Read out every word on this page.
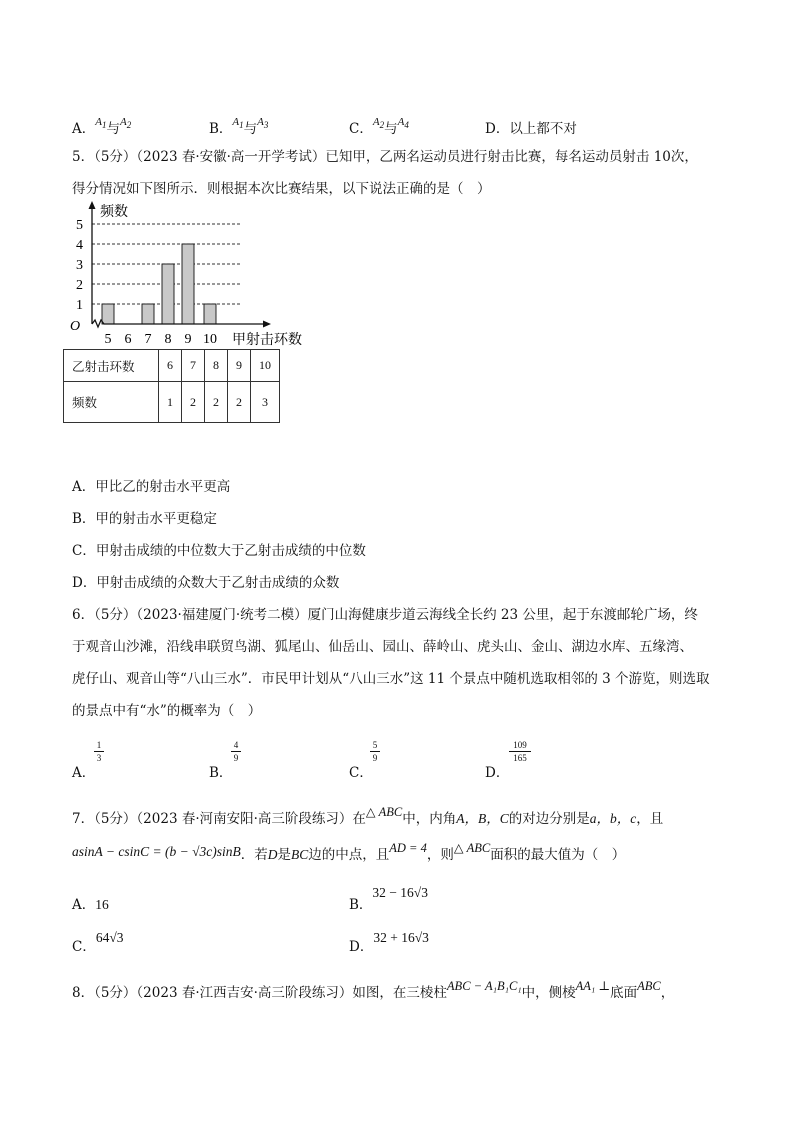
A．$^{A_1}$与$^{A_2}$	B．$^{A_1}$与$^{A_3}$	C．$^{A_2}$与$^{A_4}$	D．以上都不对
5．（5分）（2023 春·安徽·高一开学考试）已知甲，乙两名运动员进行射击比赛，每名运动员射击 10次，
得分情况如下图所示．则根据本次比赛结果，以下说法正确的是（　）
频数
甲射击环数
O
1
2
3
4
5
5 6 7 8 9 10
乙射击环数	6	7	8	9	10
频数	1	2	2	2	3
A．甲比乙的射击水平更高
B．甲的射击水平更稳定
C．甲射击成绩的中位数大于乙射击成绩的中位数
D．甲射击成绩的众数大于乙射击成绩的众数
6．（5分）（2023·福建厦门·统考二模）厦门山海健康步道云海线全长约 23 公里，起于东渡邮轮广场，终
于观音山沙滩，沿线串联贸鸟湖、狐尾山、仙岳山、园山、薛岭山、虎头山、金山、湖边水库、五缘湾、
虎仔山、观音山等“八山三水”．市民甲计划从“八山三水”这 11 个景点中随机选取相邻的 3 个游览，则选取
的景点中有“水”的概率为（　）
A．
1
3
B．
4
9
C．
5
9
D．
109
165
7．（5分）（2023 春·河南安阳·高三阶段练习）在△ ABC中，内角A，B，C的对边分别是a，b，c，且
asinA − csinC = (b − √3c)sinB．若D是BC边的中点，且AD = 4，则△ ABC面积的最大值为（　）
A．16	B．32 − 16√3
C．64√3
D．32 + 16√3
8．（5分）（2023 春·江西吉安·高三阶段练习）如图，在三棱柱ABC − A₁B₁C₁中，侧棱AA₁ ⊥底面ABC，
